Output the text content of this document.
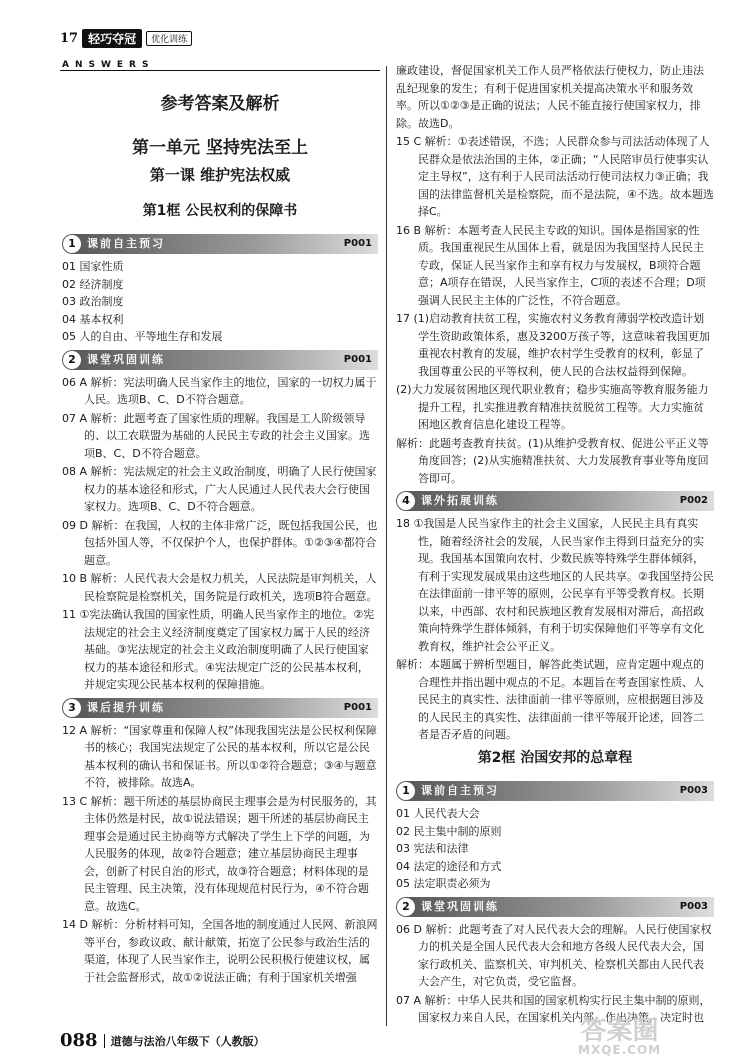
17 轻巧夺冠	优化训练
ANSWERS
参考答案及解析
第一单元 坚持宪法至上
第一课 维护宪法权威
第1框 公民权利的保障书
1	课前自主预习	P001
01 国家性质
02 经济制度
03 政治制度
04 基本权利
05 人的自由、平等地生存和发展
2	课堂巩固训练	P001
06 A 解析：宪法明确人民当家作主的地位，国家的一切权力属于人民。选项B、C、D不符合题意。
07 A 解析：此题考查了国家性质的理解。我国是工人阶级领导的、以工农联盟为基础的人民民主专政的社会主义国家。选项B、C、D不符合题意。
08 A 解析：宪法规定的社会主义政治制度，明确了人民行使国家权力的基本途径和形式，广大人民通过人民代表大会行使国家权力。选项B、C、D不符合题意。
09 D 解析：在我国，人权的主体非常广泛，既包括我国公民，也包括外国人等，不仅保护个人，也保护群体。①②③④都符合题意。
10 B 解析：人民代表大会是权力机关，人民法院是审判机关，人民检察院是检察机关，国务院是行政机关，选项B符合题意。
11 ①宪法确认我国的国家性质，明确人民当家作主的地位。②宪法规定的社会主义经济制度奠定了国家权力属于人民的经济基础。③宪法规定的社会主义政治制度明确了人民行使国家权力的基本途径和形式。④宪法规定广泛的公民基本权利，并规定实现公民基本权利的保障措施。
3	课后提升训练	P001
12 A 解析：“国家尊重和保障人权”体现我国宪法是公民权利保障书的核心；我国宪法规定了公民的基本权利，所以它是公民基本权利的确认书和保证书。所以①②符合题意；③④与题意不符，被排除。故选A。
13 C 解析：题干所述的基层协商民主理事会是为村民服务的，其主体仍然是村民，故①说法错误；题干所述的基层协商民主理事会是通过民主协商等方式解决了学生上下学的问题，为人民服务的体现，故②符合题意；建立基层协商民主理事会，创新了村民自治的形式，故③符合题意；材料体现的是民主管理、民主决策，没有体现规范村民行为，④不符合题意。故选C。
14 D 解析：分析材料可知，全国各地的制度通过人民网、新浪网等平台，参政议政、献计献策，拓宽了公民参与政治生活的渠道，体现了人民当家作主，说明公民积极行使建议权，属于社会监督形式，故①②说法正确；有利于国家机关增强
廉政建设，督促国家机关工作人员严格依法行使权力，防止违法乱纪现象的发生；有利于促进国家机关提高决策水平和服务效率。所以①②③是正确的说法；人民不能直接行使国家权力，排除。故选D。
15 C 解析：①表述错误，不选；人民群众参与司法活动体现了人民群众是依法治国的主体，②正确；“人民陪审员行使事实认定主导权”，这有利于人民司法活动行使司法权力③正确；我国的法律监督机关是检察院，而不是法院，④不选。故本题选择C。
16 B 解析：本题考查人民民主专政的知识。国体是指国家的性质。我国重视民生从国体上看，就是因为我国坚持人民民主专政，保证人民当家作主和享有权力与发展权，B项符合题意；A项存在错误，人民当家作主，C项的表述不合理；D项强调人民民主主体的广泛性，不符合题意。
17 (1)启动教育扶贫工程，实施农村义务教育薄弱学校改造计划学生资助政策体系，惠及3200万孩子等，这意味着我国更加重视农村教育的发展，维护农村学生受教育的权利，彰显了我国尊重公民的平等权利，使人民的合法权益得到保障。
(2)大力发展贫困地区现代职业教育；稳步实施高等教育服务能力提升工程，扎实推进教育精准扶贫脱贫工程等。大力实施贫困地区教育信息化建设工程等。
解析：此题考查教育扶贫。(1)从维护受教育权、促进公平正义等角度回答；(2)从实施精准扶贫、大力发展教育事业等角度回答即可。
4	课外拓展训练	P002
18 ①我国是人民当家作主的社会主义国家，人民民主具有真实性，随着经济社会的发展，人民当家作主得到日益充分的实现。我国基本国策向农村、少数民族等特殊学生群体倾斜，有利于实现发展成果由这些地区的人民共享。②我国坚持公民在法律面前一律平等的原则，公民享有平等受教育权。长期以来，中西部、农村和民族地区教育发展相对滞后，高招政策向特殊学生群体倾斜，有利于切实保障他们平等享有文化教育权，维护社会公平正义。
解析：本题属于辨析型题目，解答此类试题，应肯定题中观点的合理性并指出题中观点的不足。本题旨在考查国家性质、人民民主的真实性、法律面前一律平等原则，应根据题目涉及的人民民主的真实性、法律面前一律平等展开论述，回答二者是否矛盾的问题。
第2框 治国安邦的总章程
1	课前自主预习	P003
01 人民代表大会
02 民主集中制的原则
03 宪法和法律
04 法定的途径和方式
05 法定职责必须为
2	课堂巩固训练	P003
06 D 解析：此题考查了对人民代表大会的理解。人民行使国家权力的机关是全国人民代表大会和地方各级人民代表大会，国家行政机关、监察机关、审判机关、检察机关都由人民代表大会产生，对它负责，受它监督。
07 A 解析：中华人民共和国的国家机构实行民主集中制的原则，国家权力来自人民，在国家机关内部，作出决策，决定时也
088 道德与法治八年级下（人教版）	答案圈
MXQE.COM
